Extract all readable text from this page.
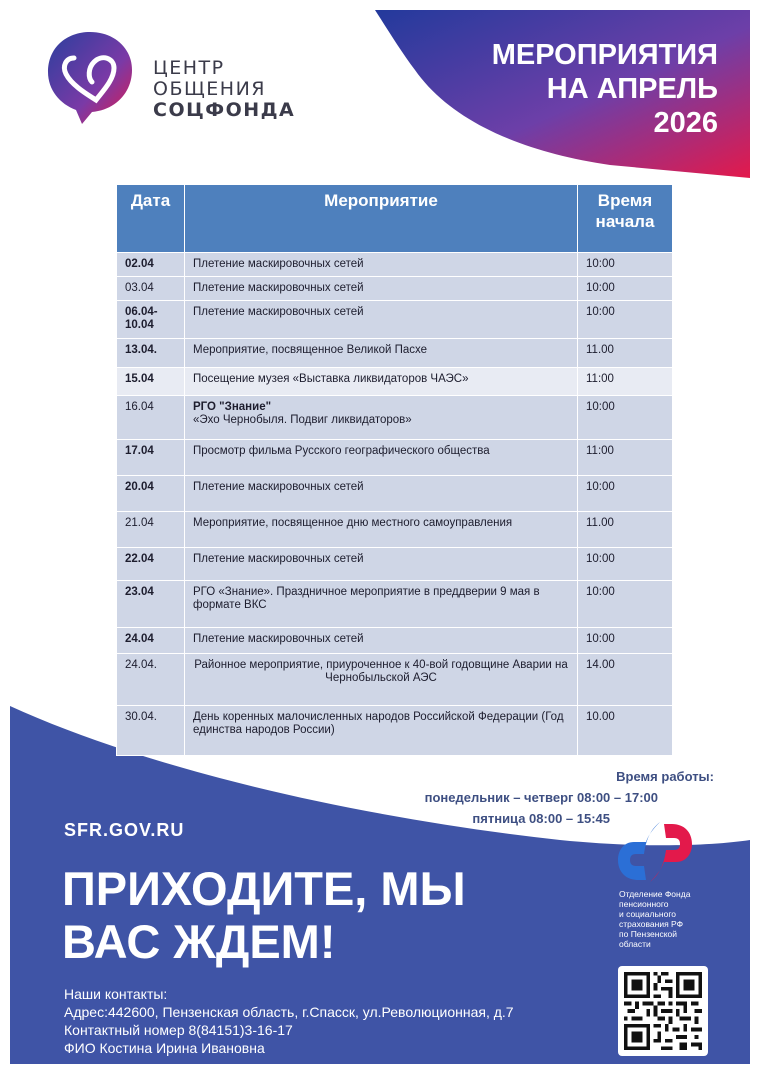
МЕРОПРИЯТИЯ
НА АПРЕЛЬ
2026
ЦЕНТР
ОБЩЕНИЯ
СОЦФОНДА
Дата	Мероприятие	Время начала
02.04	Плетение маскировочных сетей	10:00
03.04	Плетение маскировочных сетей	10:00
06.04-10.04	Плетение маскировочных сетей	10:00
13.04.	Мероприятие, посвященное Великой Пасхе	11.00
15.04	Посещение музея «Выставка ликвидаторов ЧАЭС»	11:00
16.04	РГО "Знание"
«Эхо Чернобыля. Подвиг ликвидаторов»	10:00
17.04	Просмотр фильма Русского географического общества	11:00
20.04	Плетение маскировочных сетей	10:00
21.04	Мероприятие, посвященное дню местного самоуправления	11.00
22.04	Плетение маскировочных сетей	10:00
23.04	РГО «Знание». Праздничное мероприятие в преддверии 9 мая в формате ВКС	10:00
24.04	Плетение маскировочных сетей	10:00
24.04.	Районное мероприятие, приуроченное к 40-вой годовщине Аварии на Чернобыльской АЭС	14.00
30.04.	День коренных малочисленных народов Российской Федерации (Год единства народов России)	10.00
Время работы:
понедельник – четверг 08:00 – 17:00
пятница 08:00 – 15:45
SFR.GOV.RU
ПРИХОДИТЕ, МЫ
ВАС ЖДЕМ!
Наши контакты:
Адрес:442600, Пензенская область, г.Спасск, ул.Революционная, д.7
Контактный номер 8(84151)3-16-17
ФИО Костина Ирина Ивановна
Отделение Фонда
пенсионного
и социального
страхования РФ
по Пензенской
области
